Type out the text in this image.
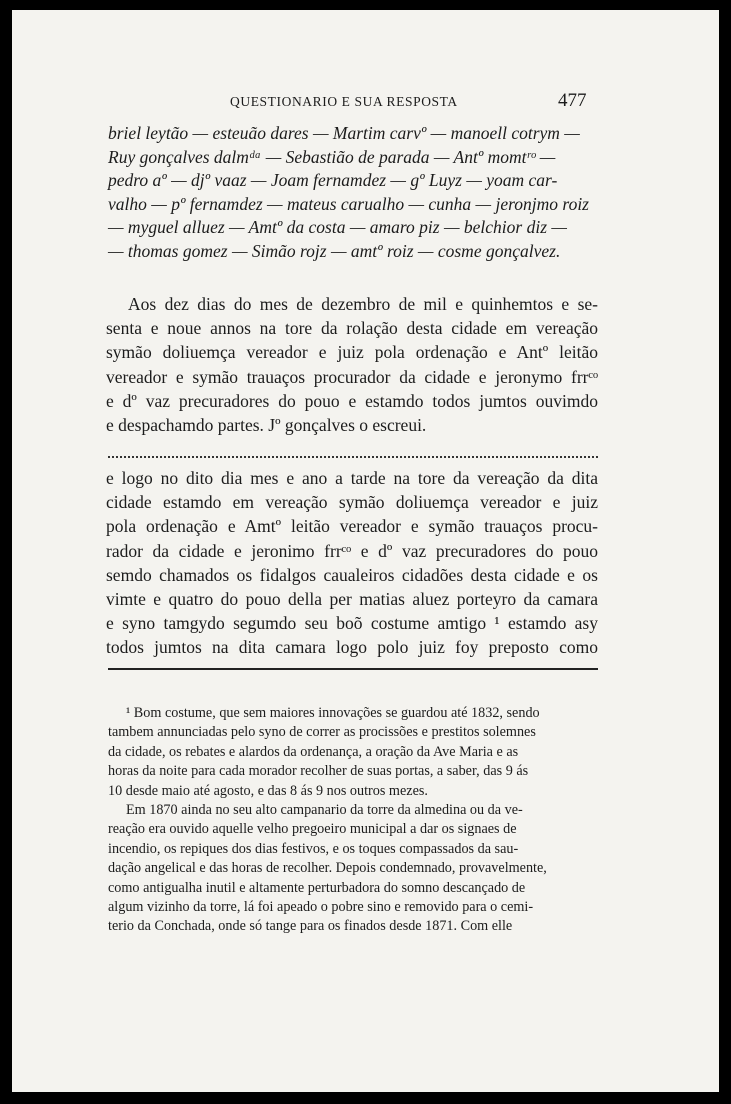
QUESTIONARIO E SUA RESPOSTA	477
briel leytão — esteuão dares — Martim carvº — manoell cotrym —
Ruy gonçalves dalmᵈᵃ — Sebastião de parada — Antº momtʳᵒ —
pedro aº — djº vaaz — Joam fernamdez — gº Luyz — yoam car-
valho — pº fernamdez — mateus carualho — cunha — jeronjmo roiz
— myguel alluez — Amtº da costa — amaro piz — belchior diz —
— thomas gomez — Simão rojz — amtº roiz — cosme gonçalvez.
Aos dez dias do mes de dezembro de mil e quinhemtos e se-
senta e noue annos na tore da rolação desta cidade em vereação
symão doliuemça vereador e juiz pola ordenação e Antº leitão
vereador e symão trauaços procurador da cidade e jeronymo frrᶜᵒ
e dº vaz precuradores do pouo e estamdo todos jumtos ouvimdo
e despachamdo partes. Jº gonçalves o escreui.
e logo no dito dia mes e ano a tarde na tore da vereação da dita
cidade estamdo em vereação symão doliuemça vereador e juiz
pola ordenação e Amtº leitão vereador e symão trauaços procu-
rador da cidade e jeronimo frrᶜᵒ e dº vaz precuradores do pouo
semdo chamados os fidalgos caualeiros cidadões desta cidade e os
vimte e quatro do pouo della per matias aluez porteyro da camara
e syno tamgydo segumdo seu boõ costume amtigo ¹ estamdo asy
todos jumtos na dita camara logo polo juiz foy preposto como
¹ Bom costume, que sem maiores innovações se guardou até 1832, sendo
tambem annunciadas pelo syno de correr as procissões e prestitos solemnes
da cidade, os rebates e alardos da ordenança, a oração da Ave Maria e as
horas da noite para cada morador recolher de suas portas, a saber, das 9 ás
10 desde maio até agosto, e das 8 ás 9 nos outros mezes.
Em 1870 ainda no seu alto campanario da torre da almedina ou da ve-
reação era ouvido aquelle velho pregoeiro municipal a dar os signaes de
incendio, os repiques dos dias festivos, e os toques compassados da sau-
dação angelical e das horas de recolher. Depois condemnado, provavelmente,
como antigualha inutil e altamente perturbadora do somno descançado de
algum vizinho da torre, lá foi apeado o pobre sino e removido para o cemi-
terio da Conchada, onde só tange para os finados desde 1871. Com elle
